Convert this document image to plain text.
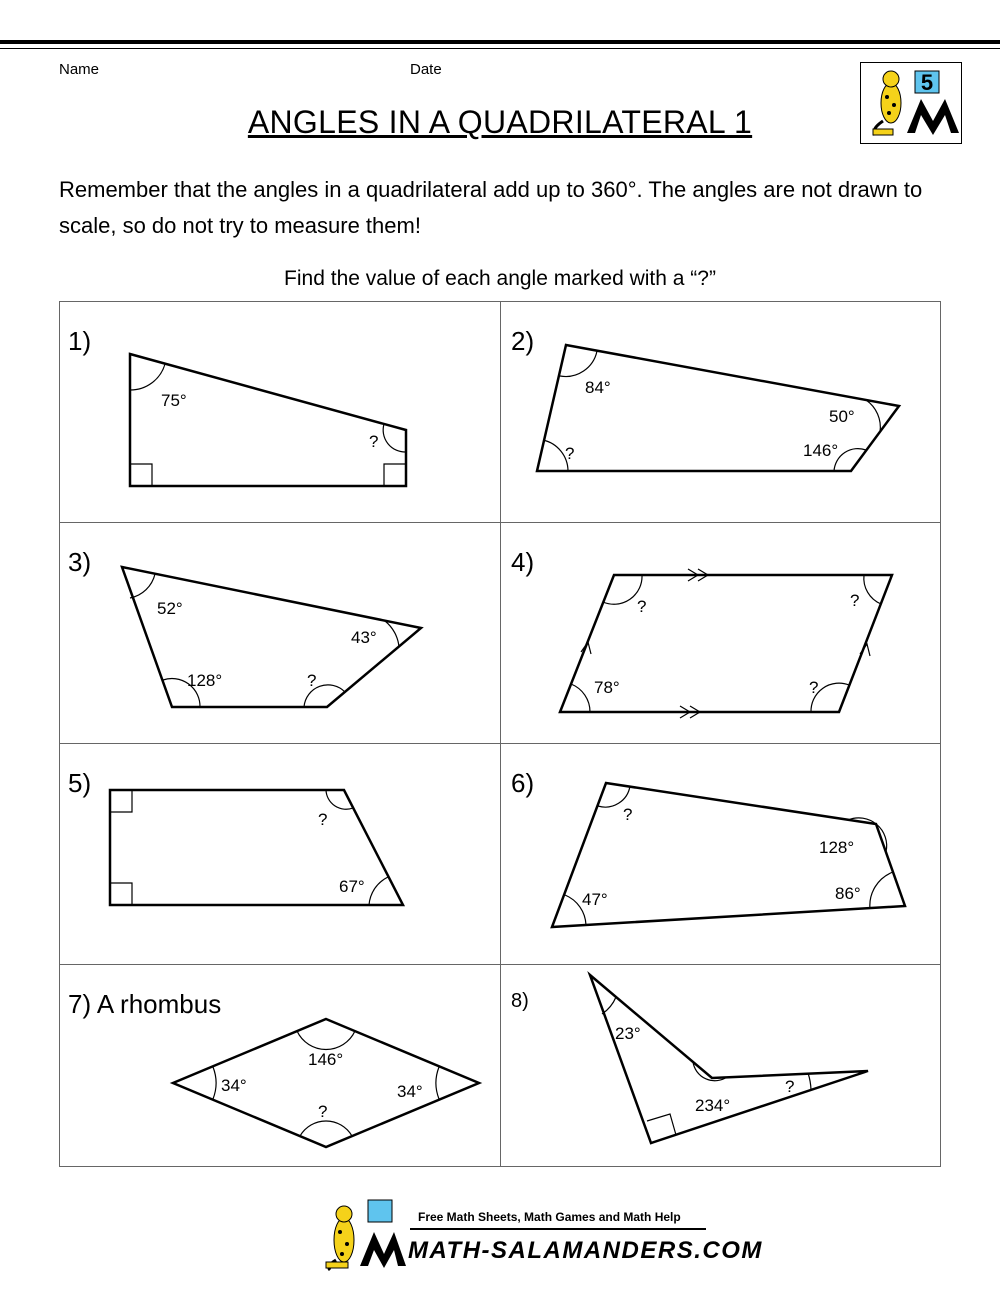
Name	Date
5
ANGLES IN A QUADRILATERAL 1
Remember that the angles in a quadrilateral add up to 360°. The angles are not drawn to scale, so do not try to measure them!
Find the value of each angle marked with a “?”
1)	2)
3)	4)
5)	6)
7) A rhombus	8)
75°
?
84°
50°
146°
?
52°
43°
128°	?
?	?
78°	?
?
67°
?
128°
47°	86°
146°
34°	34°
?
23°
234°
?
Free Math Sheets, Math Games and Math Help
MATH-SALAMANDERS.COM
